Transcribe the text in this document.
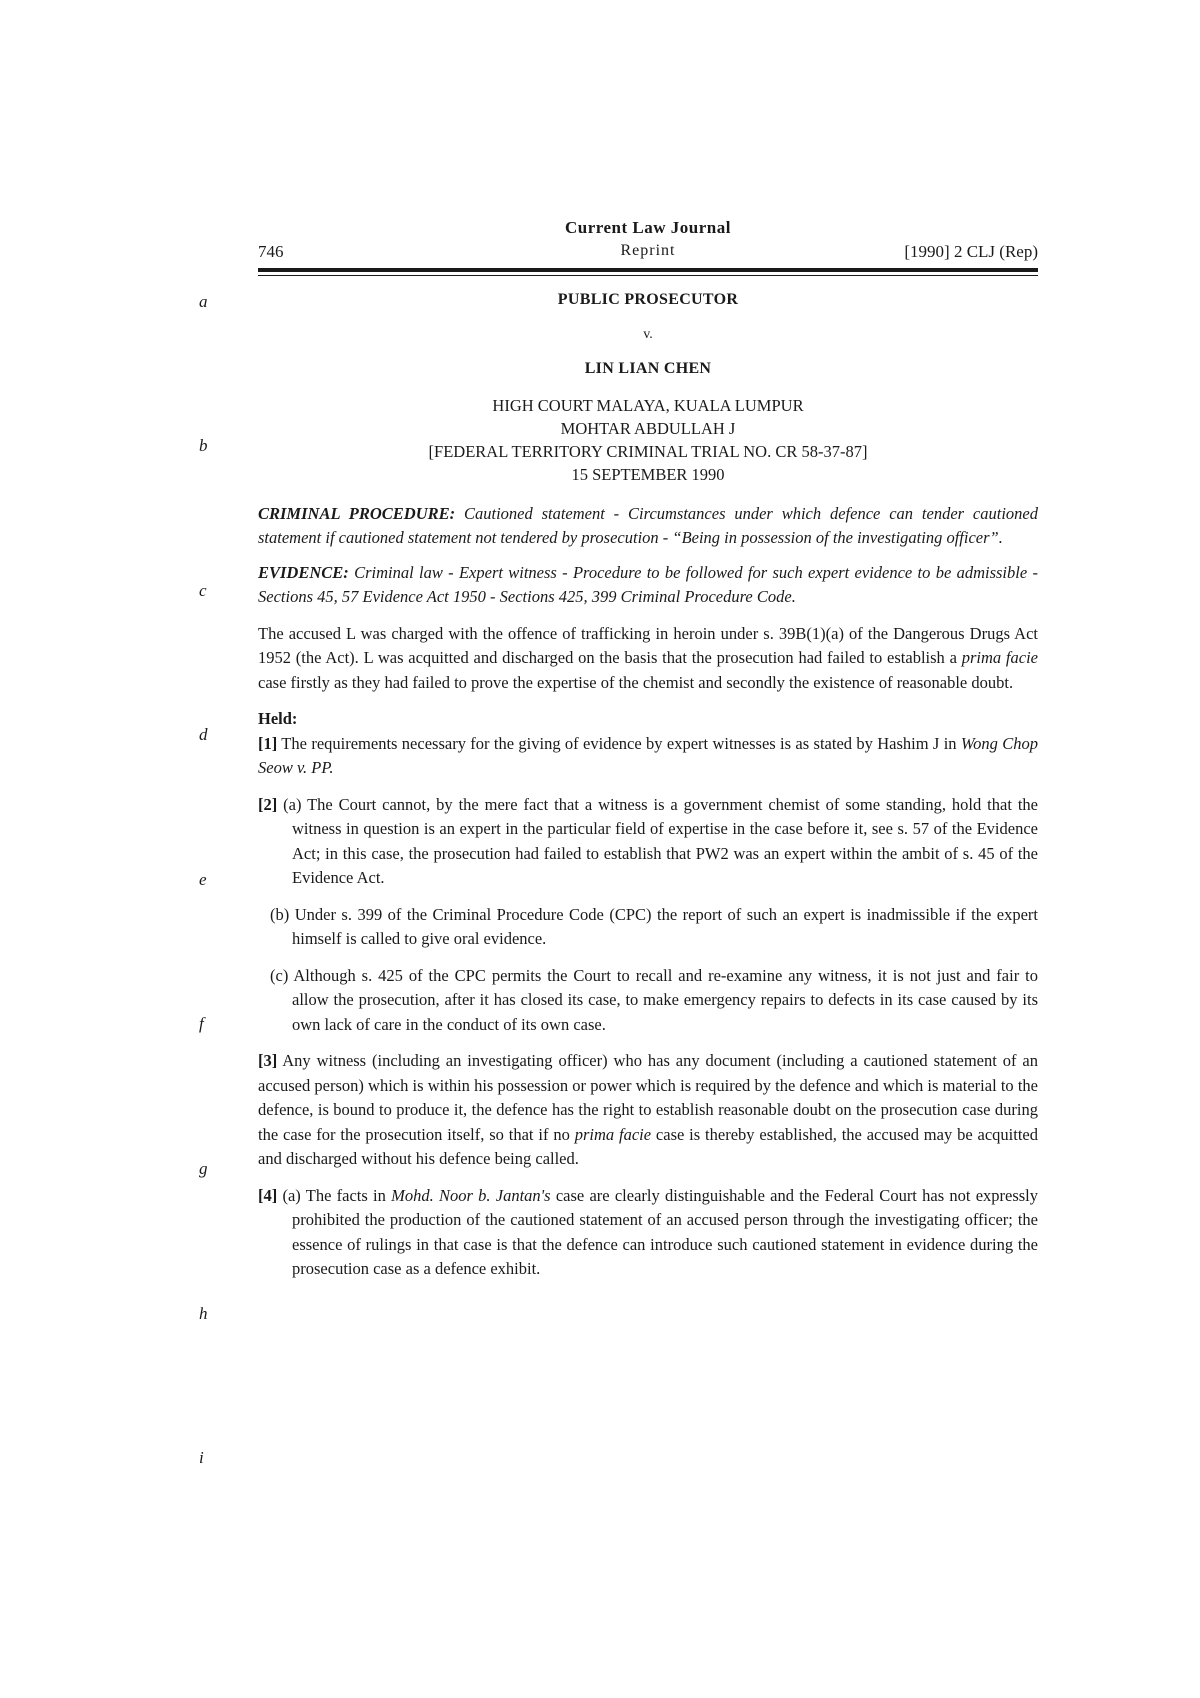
Current Law Journal
Reprint
746	[1990] 2 CLJ (Rep)
a
b
c
d
e
f
g
h
i
PUBLIC PROSECUTOR
v.
LIN LIAN CHEN
HIGH COURT MALAYA, KUALA LUMPUR
MOHTAR ABDULLAH J
[FEDERAL TERRITORY CRIMINAL TRIAL NO. CR 58-37-87]
15 SEPTEMBER 1990

CRIMINAL PROCEDURE: Cautioned statement - Circumstances under which defence can tender cautioned statement if cautioned statement not tendered by prosecution - “Being in possession of the investigating officer”.

EVIDENCE: Criminal law - Expert witness - Procedure to be followed for such expert evidence to be admissible - Sections 45, 57 Evidence Act 1950 - Sections 425, 399 Criminal Procedure Code.

The accused L was charged with the offence of trafficking in heroin under s. 39B(1)(a) of the Dangerous Drugs Act 1952 (the Act). L was acquitted and discharged on the basis that the prosecution had failed to establish a prima facie case firstly as they had failed to prove the expertise of the chemist and secondly the existence of reasonable doubt.

Held:

[1] The requirements necessary for the giving of evidence by expert witnesses is as stated by Hashim J in Wong Chop Seow v. PP.

[2] (a) The Court cannot, by the mere fact that a witness is a government chemist of some standing, hold that the witness in question is an expert in the particular field of expertise in the case before it, see s. 57 of the Evidence Act; in this case, the prosecution had failed to establish that PW2 was an expert within the ambit of s. 45 of the Evidence Act.

(b) Under s. 399 of the Criminal Procedure Code (CPC) the report of such an expert is inadmissible if the expert himself is called to give oral evidence.

(c) Although s. 425 of the CPC permits the Court to recall and re-examine any witness, it is not just and fair to allow the prosecution, after it has closed its case, to make emergency repairs to defects in its case caused by its own lack of care in the conduct of its own case.

[3] Any witness (including an investigating officer) who has any document (including a cautioned statement of an accused person) which is within his possession or power which is required by the defence and which is material to the defence, is bound to produce it, the defence has the right to establish reasonable doubt on the prosecution case during the case for the prosecution itself, so that if no prima facie case is thereby established, the accused may be acquitted and discharged without his defence being called.

[4] (a) The facts in Mohd. Noor b. Jantan's case are clearly distinguishable and the Federal Court has not expressly prohibited the production of the cautioned statement of an accused person through the investigating officer; the essence of rulings in that case is that the defence can introduce such cautioned statement in evidence during the prosecution case as a defence exhibit.
